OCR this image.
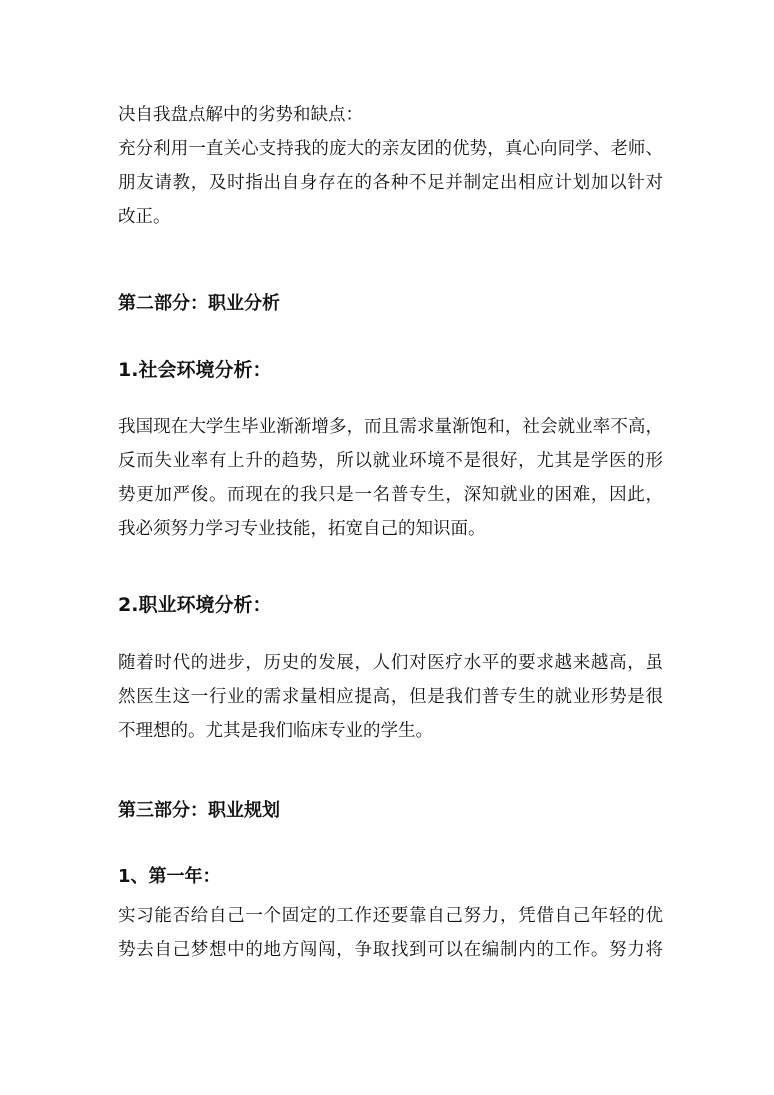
决自我盘点解中的劣势和缺点：
充分利用一直关心支持我的庞大的亲友团的优势，真心向同学、老师、
朋友请教，及时指出自身存在的各种不足并制定出相应计划加以针对
改正。
第二部分：职业分析
1.社会环境分析：
我国现在大学生毕业渐渐增多，而且需求量渐饱和，社会就业率不高，
反而失业率有上升的趋势，所以就业环境不是很好，尤其是学医的形
势更加严俊。而现在的我只是一名普专生，深知就业的困难，因此，
我必须努力学习专业技能，拓宽自己的知识面。
2.职业环境分析：
随着时代的进步，历史的发展，人们对医疗水平的要求越来越高，虽
然医生这一行业的需求量相应提高，但是我们普专生的就业形势是很
不理想的。尤其是我们临床专业的学生。
第三部分：职业规划
1、第一年：
实习能否给自己一个固定的工作还要靠自己努力，凭借自己年轻的优
势去自己梦想中的地方闯闯，争取找到可以在编制内的工作。努力将
